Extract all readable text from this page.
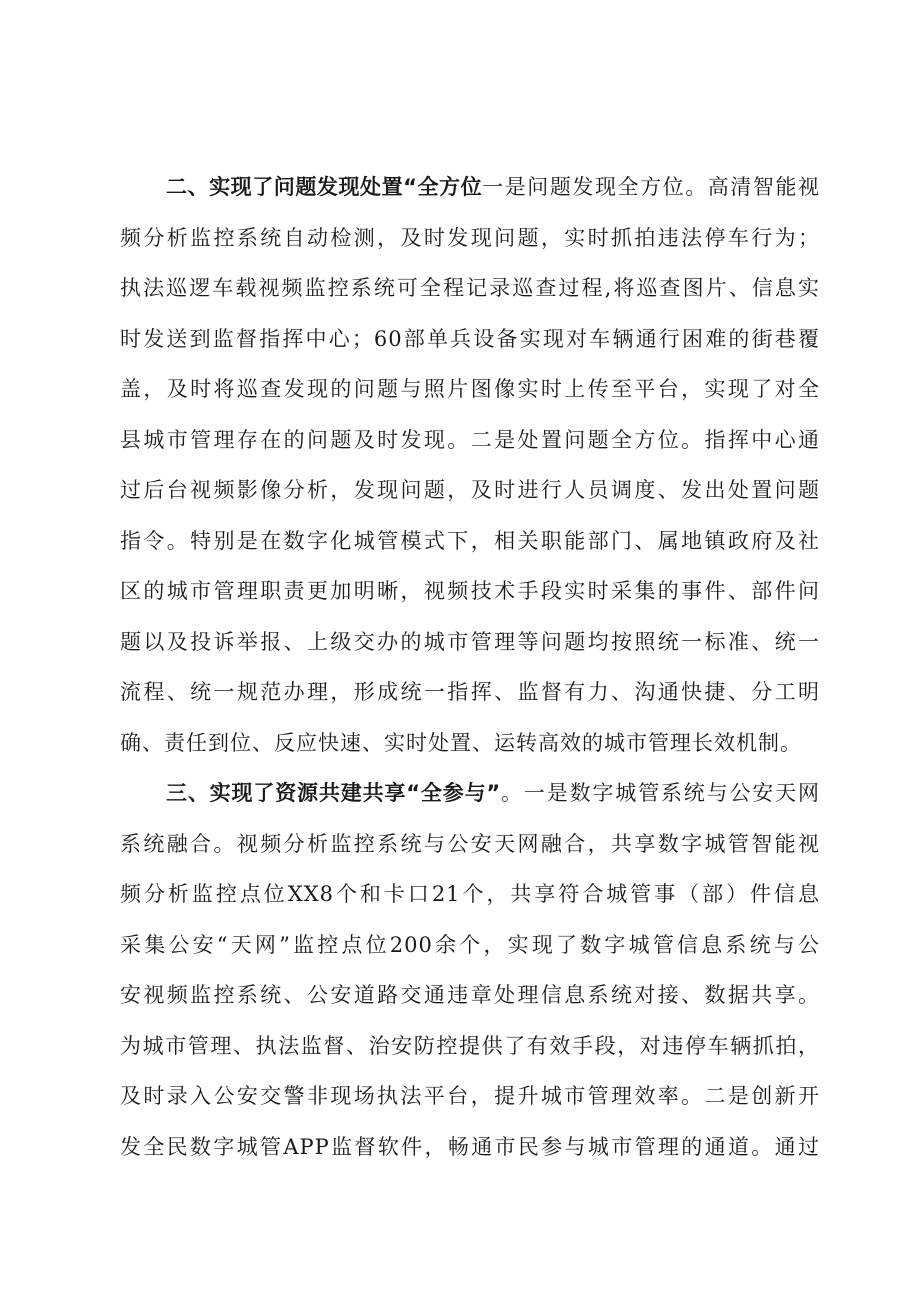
二、实现了问题发现处置“全方位一是问题发现全方位。高清智能视
频分析监控系统自动检测，及时发现问题，实时抓拍违法停车行为；
执法巡逻车载视频监控系统可全程记录巡查过程,将巡查图片、信息实
时发送到监督指挥中心；60部单兵设备实现对车辆通行困难的街巷覆
盖，及时将巡查发现的问题与照片图像实时上传至平台，实现了对全
县城市管理存在的问题及时发现。二是处置问题全方位。指挥中心通
过后台视频影像分析，发现问题，及时进行人员调度、发出处置问题
指令。特别是在数字化城管模式下，相关职能部门、属地镇政府及社
区的城市管理职责更加明晰，视频技术手段实时采集的事件、部件问
题以及投诉举报、上级交办的城市管理等问题均按照统一标准、统一
流程、统一规范办理，形成统一指挥、监督有力、沟通快捷、分工明
确、责任到位、反应快速、实时处置、运转高效的城市管理长效机制。
三、实现了资源共建共享“全参与”。一是数字城管系统与公安天网
系统融合。视频分析监控系统与公安天网融合，共享数字城管智能视
频分析监控点位XX8个和卡口21个，共享符合城管事（部）件信息
采集公安“天网”监控点位200余个，实现了数字城管信息系统与公
安视频监控系统、公安道路交通违章处理信息系统对接、数据共享。
为城市管理、执法监督、治安防控提供了有效手段，对违停车辆抓拍，
及时录入公安交警非现场执法平台，提升城市管理效率。二是创新开
发全民数字城管APP监督软件，畅通市民参与城市管理的通道。通过
